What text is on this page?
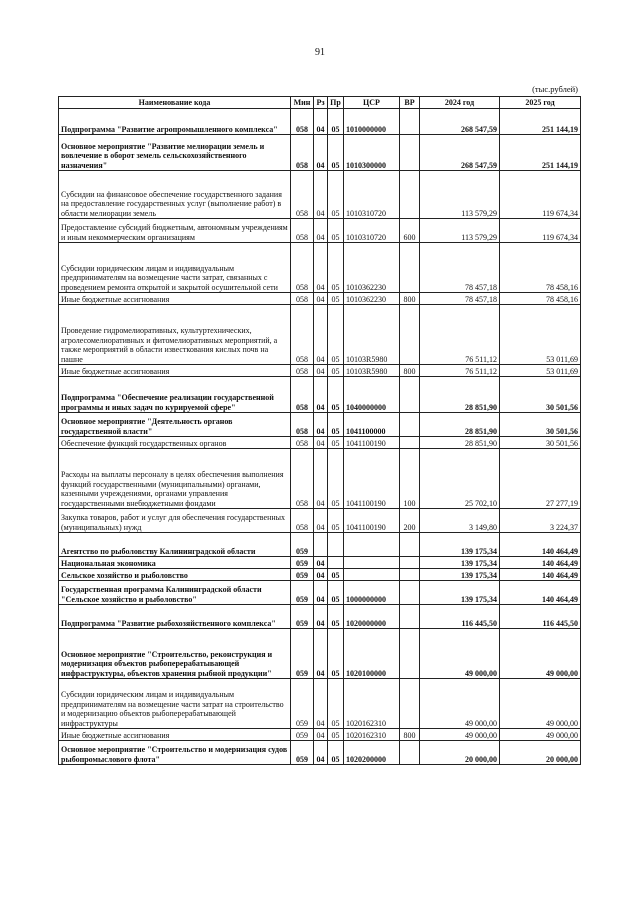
91
(тыс.рублей)
Наименование кода	Мин	Рз	Пр	ЦСР	ВР	2024 год	2025 год
Подпрограмма "Развитие агропромышленного комплекса"	058	04	05	1010000000		268 547,59	251 144,19
Основное мероприятие "Развитие мелиорации земель и вовлечение в оборот земель сельскохозяйственного назначения"	058	04	05	1010300000		268 547,59	251 144,19
Субсидии на финансовое обеспечение государственного задания на предоставление государственных услуг (выполнение работ) в области мелиорации земель	058	04	05	1010310720		113 579,29	119 674,34
Предоставление субсидий бюджетным, автономным учреждениям и иным некоммерческим организациям	058	04	05	1010310720	600	113 579,29	119 674,34
Субсидии юридическим лицам и индивидуальным предпринимателям на возмещение части затрат, связанных с проведением ремонта открытой и закрытой осушительной сети	058	04	05	1010362230		78 457,18	78 458,16
Иные бюджетные ассигнования	058	04	05	1010362230	800	78 457,18	78 458,16
Проведение гидромелиоративных, культуртехнических, агролесомелиоративных и фитомелиоративных мероприятий, а также мероприятий в области известкования кислых почв на пашне	058	04	05	10103R5980		76 511,12	53 011,69
Иные бюджетные ассигнования	058	04	05	10103R5980	800	76 511,12	53 011,69
Подпрограмма "Обеспечение реализации государственной программы и иных задач по курируемой сфере"	058	04	05	1040000000		28 851,90	30 501,56
Основное мероприятие "Деятельность органов государственной власти"	058	04	05	1041100000		28 851,90	30 501,56
Обеспечение функций государственных органов	058	04	05	1041100190		28 851,90	30 501,56
Расходы на выплаты персоналу в целях обеспечения выполнения функций государственными (муниципальными) органами, казенными учреждениями, органами управления государственными внебюджетными фондами	058	04	05	1041100190	100	25 702,10	27 277,19
Закупка товаров, работ и услуг для обеспечения государственных (муниципальных) нужд	058	04	05	1041100190	200	3 149,80	3 224,37
Агентство по рыболовству Калининградской области	059					139 175,34	140 464,49
Национальная экономика	059	04				139 175,34	140 464,49
Сельское хозяйство и рыболовство	059	04	05			139 175,34	140 464,49
Государственная программа Калининградской области "Сельское хозяйство и рыболовство"	059	04	05	1000000000		139 175,34	140 464,49
Подпрограмма "Развитие рыбохозяйственного комплекса"	059	04	05	1020000000		116 445,50	116 445,50
Основное мероприятие "Строительство, реконструкция и модернизация объектов рыбоперерабатывающей инфраструктуры, объектов хранения рыбной продукции"	059	04	05	1020100000		49 000,00	49 000,00
Субсидии юридическим лицам и индивидуальным предпринимателям на возмещение части затрат на строительство и модернизацию объектов рыбоперерабатывающей инфраструктуры	059	04	05	1020162310		49 000,00	49 000,00
Иные бюджетные ассигнования	059	04	05	1020162310	800	49 000,00	49 000,00
Основное мероприятие "Строительство и модернизация судов рыбопромыслового флота"	059	04	05	1020200000		20 000,00	20 000,00
